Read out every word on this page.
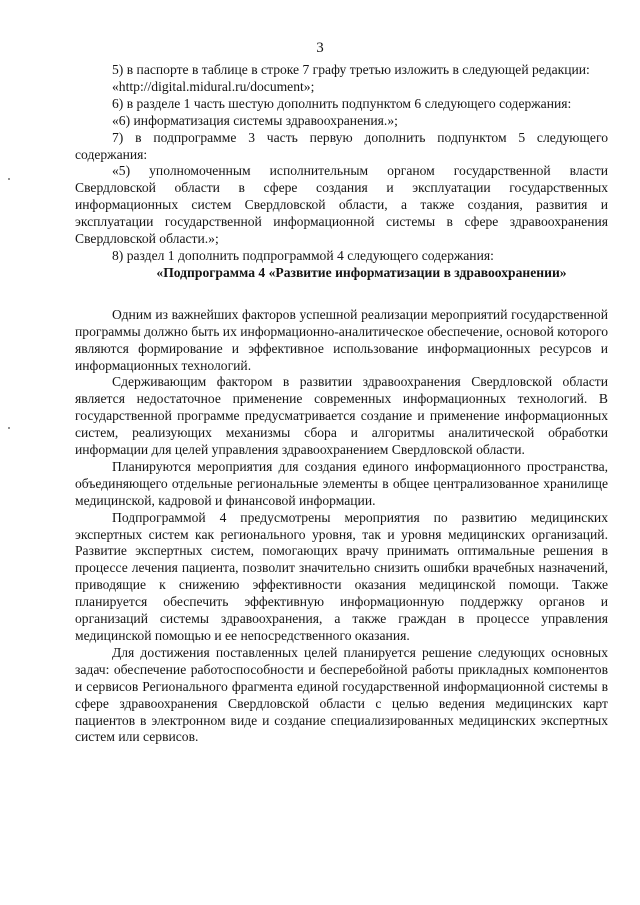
3

5) в паспорте в таблице в строке 7 графу третью изложить в следующей редакции:

«http://digital.midural.ru/document»;

6) в разделе 1 часть шестую дополнить подпунктом 6 следующего содержания:

«6) информатизация системы здравоохранения.»;

7) в подпрограмме 3 часть первую дополнить подпунктом 5 следующего содержания:

«5) уполномоченным исполнительным органом государственной власти Свердловской области в сфере создания и эксплуатации государственных информационных систем Свердловской области, а также создания, развития и эксплуатации государственной информационной системы в сфере здравоохранения Свердловской области.»;

8) раздел 1 дополнить подпрограммой 4 следующего содержания:

«Подпрограмма 4 «Развитие информатизации в здравоохранении»

Одним из важнейших факторов успешной реализации мероприятий государственной программы должно быть их информационно-аналитическое обеспечение, основой которого являются формирование и эффективное использование информационных ресурсов и информационных технологий.

Сдерживающим фактором в развитии здравоохранения Свердловской области является недостаточное применение современных информационных технологий. В государственной программе предусматривается создание и применение информационных систем, реализующих механизмы сбора и алгоритмы аналитической обработки информации для целей управления здравоохранением Свердловской области.

Планируются мероприятия для создания единого информационного пространства, объединяющего отдельные региональные элементы в общее централизованное хранилище медицинской, кадровой и финансовой информации.

Подпрограммой 4 предусмотрены мероприятия по развитию медицинских экспертных систем как регионального уровня, так и уровня медицинских организаций. Развитие экспертных систем, помогающих врачу принимать оптимальные решения в процессе лечения пациента, позволит значительно снизить ошибки врачебных назначений, приводящие к снижению эффективности оказания медицинской помощи. Также планируется обеспечить эффективную информационную поддержку органов и организаций системы здравоохранения, а также граждан в процессе управления медицинской помощью и ее непосредственного оказания.

Для достижения поставленных целей планируется решение следующих основных задач: обеспечение работоспособности и бесперебойной работы прикладных компонентов и сервисов Регионального фрагмента единой государственной информационной системы в сфере здравоохранения Свердловской области с целью ведения медицинских карт пациентов в электронном виде и создание специализированных медицинских экспертных систем или сервисов.
